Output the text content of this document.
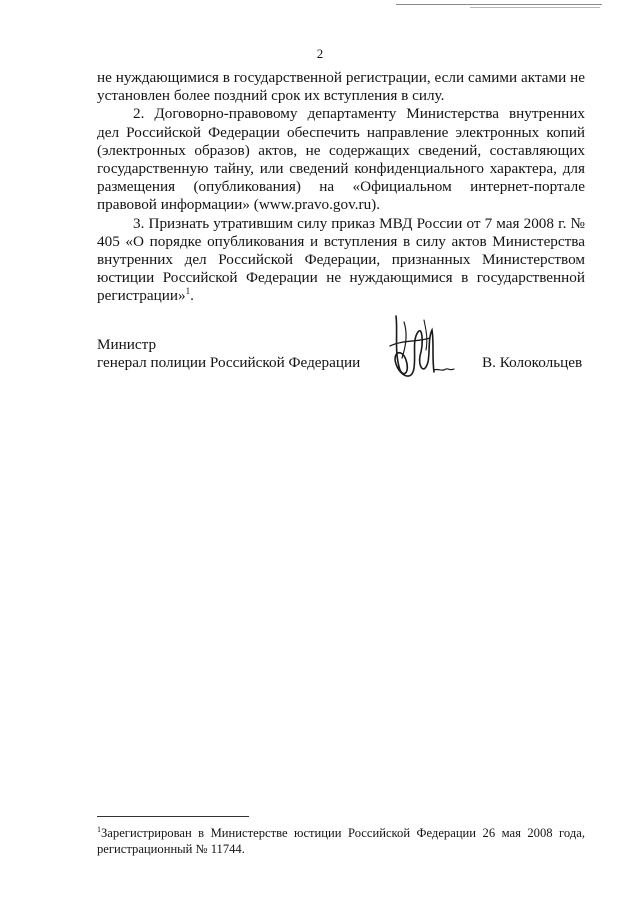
2

не нуждающимися в государственной регистрации, если самими актами не установлен более поздний срок их вступления в силу.

2. Договорно-правовому департаменту Министерства внутренних дел Российской Федерации обеспечить направление электронных копий (электронных образов) актов, не содержащих сведений, составляющих государственную тайну, или сведений конфиденциального характера, для размещения (опубликования) на «Официальном интернет-портале правовой информации» (www.pravo.gov.ru).

3. Признать утратившим силу приказ МВД России от 7 мая 2008 г. № 405 «О порядке опубликования и вступления в силу актов Министерства внутренних дел Российской Федерации, признанных Министерством юстиции Российской Федерации не нуждающимися в государственной регистрации»$^1$.

Министр
генерал полиции Российской Федерации	В. Колокольцев
$^1$Зарегистрирован в Министерстве юстиции Российской Федерации 26 мая 2008 года, регистрационный № 11744.
